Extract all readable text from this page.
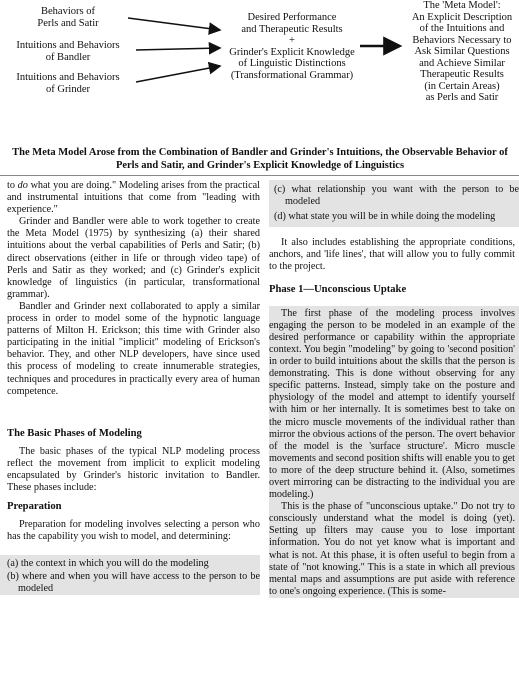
Behaviors of
Perls and Satir
Intuitions and Behaviors
of Bandler
Intuitions and Behaviors
of Grinder
Desired Performance
and Therapeutic Results
+
Grinder's Explicit Knowledge
of Linguistic Distinctions
(Transformational Grammar)
The 'Meta Model':
An Explicit Description
of the Intuitions and
Behaviors Necessary to
Ask Similar Questions
and Achieve Similar
Therapeutic Results
(in Certain Areas)
as Perls and Satir
The Meta Model Arose from the Combination of Bandler and Grinder's Intuitions, the Observable Behavior of Perls and Satir, and Grinder's Explicit Knowledge of Linguistics

to do what you are doing." Modeling arises from the practical and instrumental intuitions that come from "leading with experience."

Grinder and Bandler were able to work together to create the Meta Model (1975) by synthesizing (a) their shared intuitions about the verbal capabilities of Perls and Satir; (b) direct observations (either in life or through video tape) of Perls and Satir as they worked; and (c) Grinder's explicit knowledge of linguistics (in particular, transformational grammar).

Bandler and Grinder next collaborated to apply a similar process in order to model some of the hypnotic language patterns of Milton H. Erickson; this time with Grinder also participating in the initial "implicit" modeling of Erickson's behavior. They, and other NLP developers, have since used this process of modeling to create innumerable strategies, techniques and procedures in practically every area of human competence.

The Basic Phases of Modeling

The basic phases of the typical NLP modeling process reflect the movement from implicit to explicit modeling encapsulated by Grinder's historic invitation to Bandler. These phases include:

Preparation

Preparation for modeling involves selecting a person who has the capability you wish to model, and determining:

(a) the context in which you will do the modeling
(b) where and when you will have access to the person to be modeled
(c) what relationship you want with the person to be modeled
(d) what state you will be in while doing the modeling

It also includes establishing the appropriate conditions, anchors, and 'life lines', that will allow you to fully commit to the project.

Phase 1—Unconscious Uptake

The first phase of the modeling process involves engaging the person to be modeled in an example of the desired performance or capability within the appropriate context. You begin "modeling" by going to 'second position' in order to build intuitions about the skills that the person is demonstrating. This is done without observing for any specific patterns. Instead, simply take on the posture and physiology of the model and attempt to identify yourself with him or her internally. It is sometimes best to take on the micro muscle movements of the individual rather than mirror the obvious actions of the person. The overt behavior of the model is the 'surface structure'. Micro muscle movements and second position shifts will enable you to get to more of the deep structure behind it. (Also, sometimes overt mirroring can be distracting to the individual you are modeling.)

This is the phase of "unconscious uptake." Do not try to consciously understand what the model is doing (yet). Setting up filters may cause you to lose important information. You do not yet know what is important and what is not. At this phase, it is often useful to begin from a state of "not knowing." This is a state in which all previous mental maps and assumptions are put aside with reference to one's ongoing experience. (This is some-
